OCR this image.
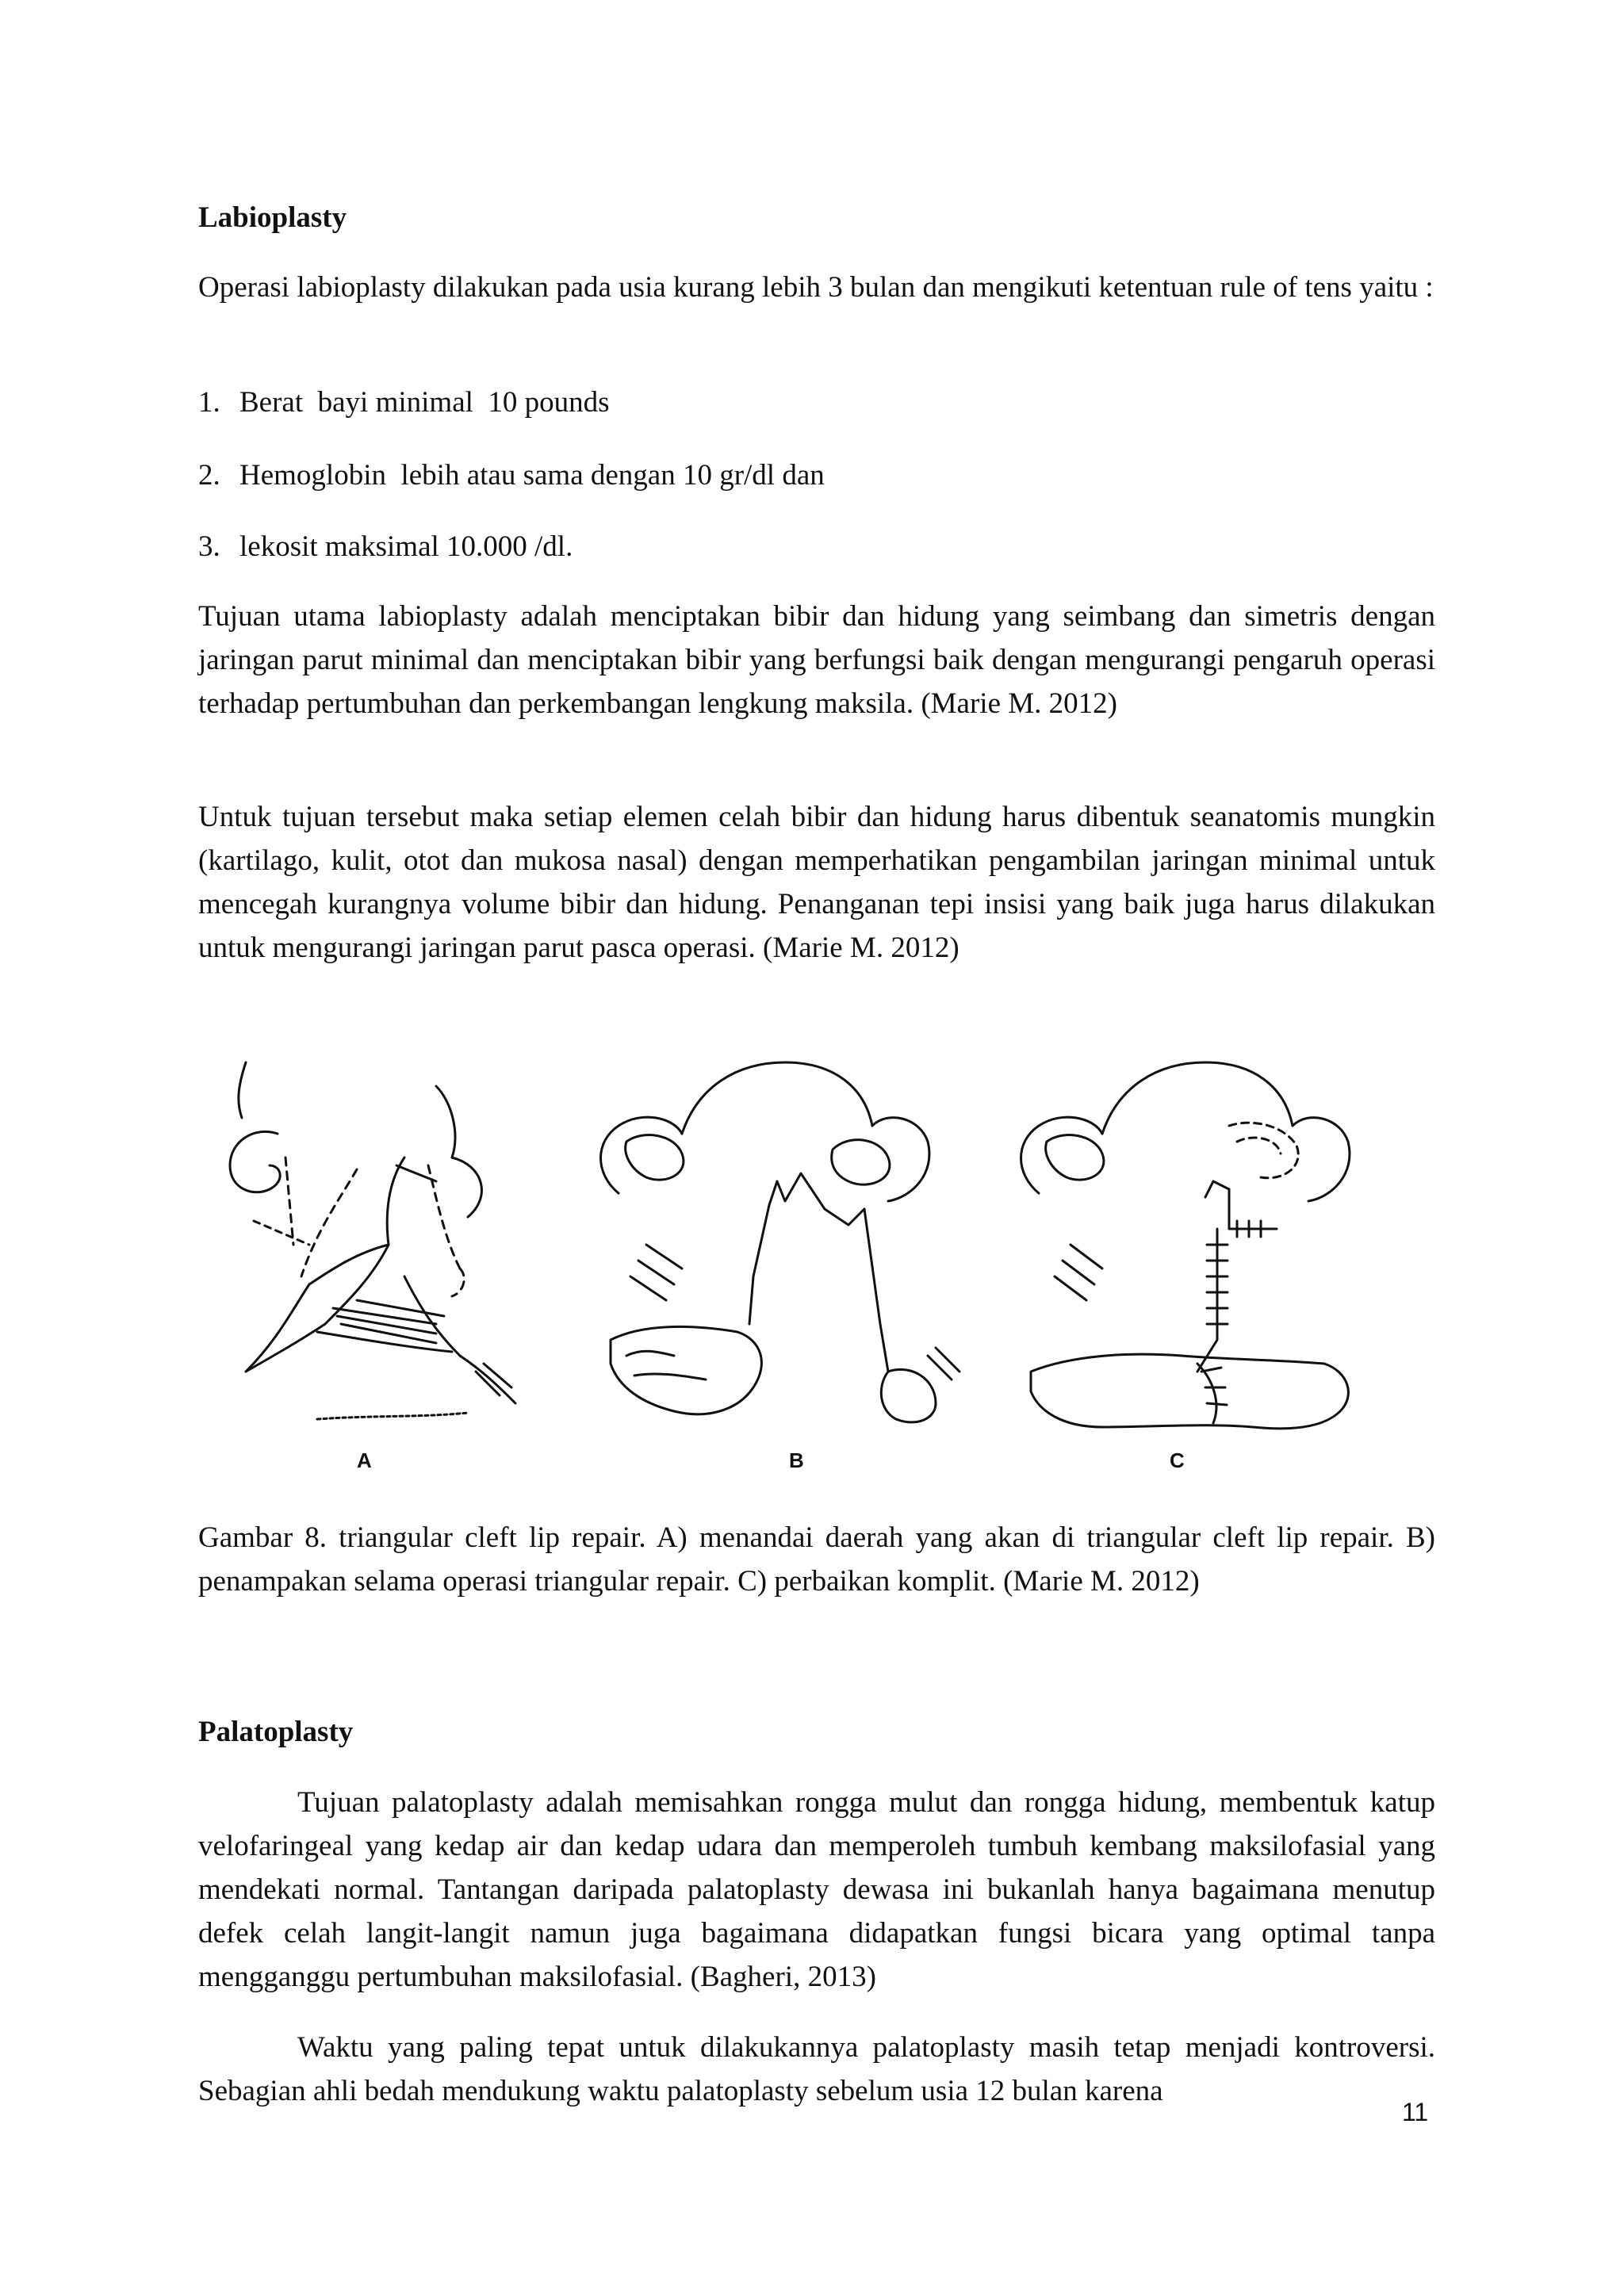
Labioplasty

Operasi labioplasty dilakukan pada usia kurang lebih 3 bulan dan mengikuti ketentuan rule of tens yaitu :

1. Berat  bayi minimal  10 pounds
2. Hemoglobin  lebih atau sama dengan 10 gr/dl dan
3. lekosit maksimal 10.000 /dl.

Tujuan utama labioplasty adalah menciptakan bibir dan hidung yang seimbang dan simetris dengan jaringan parut minimal dan menciptakan bibir yang berfungsi baik dengan mengurangi pengaruh operasi terhadap pertumbuhan dan perkembangan lengkung maksila. (Marie M. 2012)

Untuk tujuan tersebut maka setiap elemen celah bibir dan hidung harus dibentuk seanatomis mungkin (kartilago, kulit, otot dan mukosa nasal) dengan memperhatikan pengambilan jaringan minimal untuk mencegah kurangnya volume bibir dan hidung. Penanganan tepi insisi yang baik juga harus dilakukan untuk mengurangi jaringan parut pasca operasi. (Marie M. 2012)

Gambar 8. triangular cleft lip repair. A) menandai daerah yang akan di triangular cleft lip repair. B) penampakan selama operasi triangular repair. C) perbaikan komplit. (Marie M. 2012)

Palatoplasty

Tujuan palatoplasty adalah memisahkan rongga mulut dan rongga hidung, membentuk katup velofaringeal yang kedap air dan kedap udara dan memperoleh tumbuh kembang maksilofasial yang mendekati normal. Tantangan daripada palatoplasty dewasa ini bukanlah hanya bagaimana menutup defek celah langit-langit namun juga bagaimana didapatkan fungsi bicara yang optimal tanpa mengganggu pertumbuhan maksilofasial. (Bagheri, 2013)

Waktu yang paling tepat untuk dilakukannya palatoplasty masih tetap menjadi kontroversi. Sebagian ahli bedah mendukung waktu palatoplasty sebelum usia 12 bulan karena

A	B	C
11
